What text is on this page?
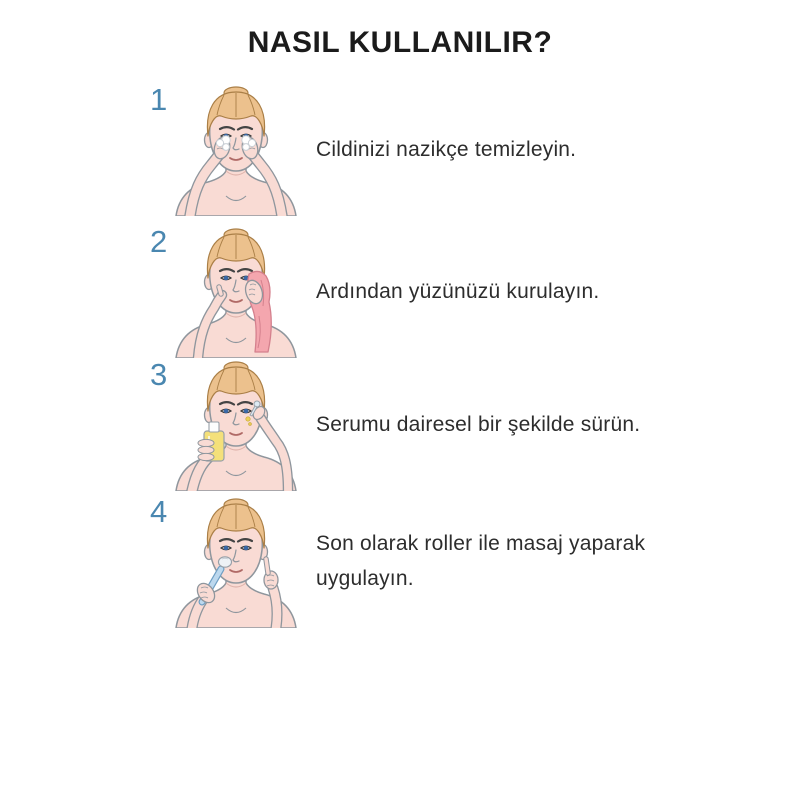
NASIL KULLANILIR?
1
Cildinizi nazikçe temizleyin.
2
Ardından yüzünüzü kurulayın.
3
Serumu dairesel bir şekilde sürün.
4
Son olarak roller ile masaj yaparak uygulayın.
